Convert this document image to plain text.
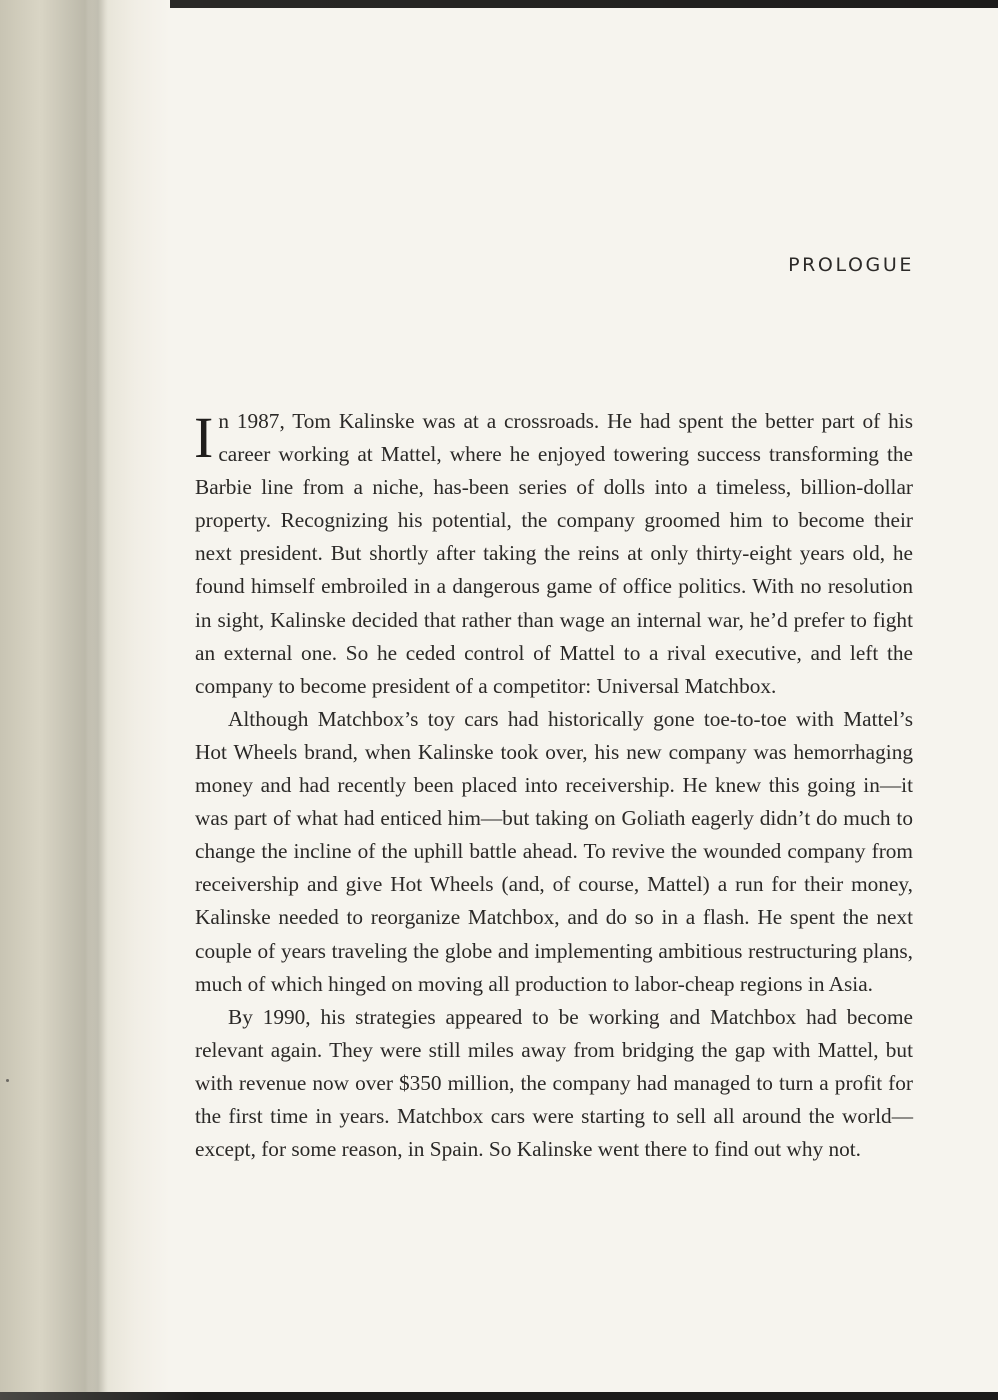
PROLOGUE

In 1987, Tom Kalinske was at a crossroads. He had spent the better part of his career working at Mattel, where he enjoyed towering success transforming the Barbie line from a niche, has-been series of dolls into a timeless, billion-dollar property. Recognizing his potential, the company groomed him to become their next president. But shortly after taking the reins at only thirty-eight years old, he found himself embroiled in a dangerous game of office politics. With no resolution in sight, Kalinske decided that rather than wage an internal war, he’d prefer to fight an external one. So he ceded control of Mattel to a rival executive, and left the company to become president of a competitor: Universal Matchbox.

Although Matchbox’s toy cars had historically gone toe-to-toe with Mattel’s Hot Wheels brand, when Kalinske took over, his new company was hemorrhaging money and had recently been placed into receivership. He knew this going in—it was part of what had enticed him—but taking on Goliath eagerly didn’t do much to change the incline of the uphill battle ahead. To revive the wounded company from receivership and give Hot Wheels (and, of course, Mattel) a run for their money, Kalinske needed to reorganize Matchbox, and do so in a flash. He spent the next couple of years traveling the globe and implementing ambitious restructuring plans, much of which hinged on moving all production to labor-cheap regions in Asia.

By 1990, his strategies appeared to be working and Matchbox had become relevant again. They were still miles away from bridging the gap with Mattel, but with revenue now over $350 million, the company had managed to turn a profit for the first time in years. Matchbox cars were starting to sell all around the world—except, for some reason, in Spain. So Kalinske went there to find out why not.
